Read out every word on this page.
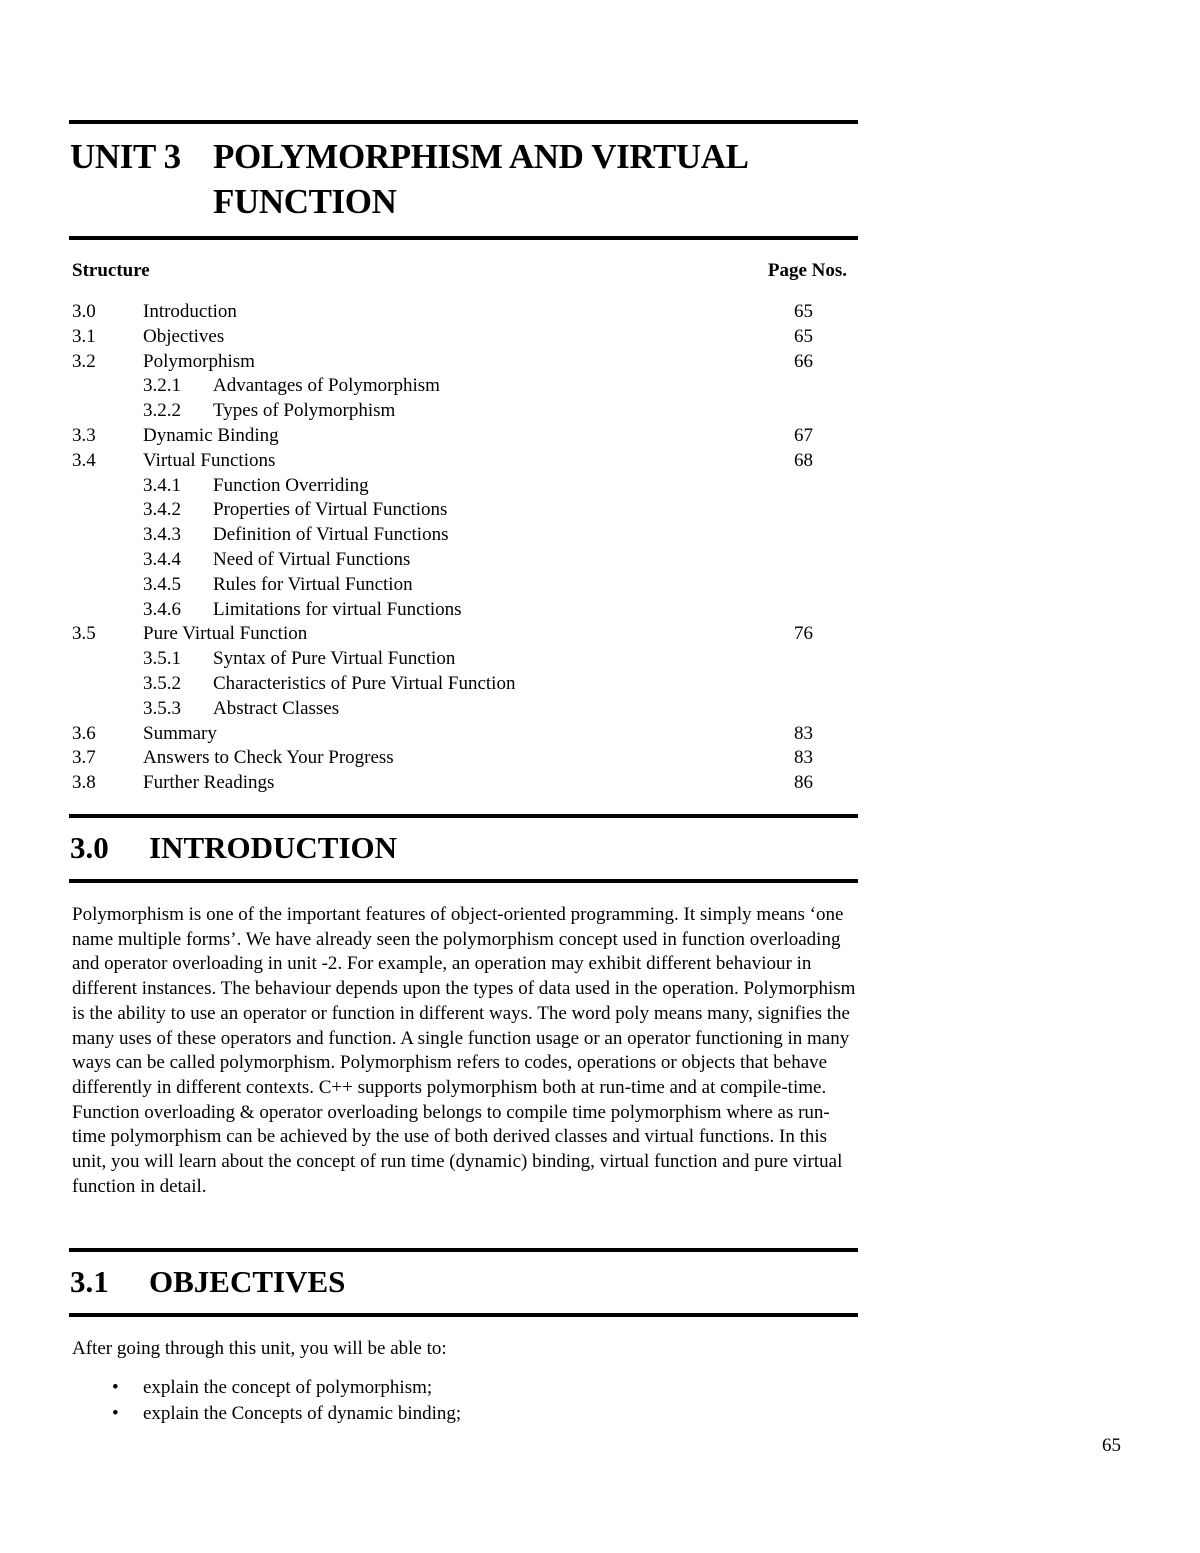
UNIT 3 POLYMORPHISM AND VIRTUAL
FUNCTION
Structure	Page Nos.
3.0 Introduction	65
3.1 Objectives	65
3.2 Polymorphism	66
3.2.1 Advantages of Polymorphism
3.2.2 Types of Polymorphism
3.3 Dynamic Binding	67
3.4 Virtual Functions	68
3.4.1 Function Overriding
3.4.2 Properties of Virtual Functions
3.4.3 Definition of Virtual Functions
3.4.4 Need of Virtual Functions
3.4.5 Rules for Virtual Function
3.4.6 Limitations for virtual Functions
3.5 Pure Virtual Function	76
3.5.1 Syntax of Pure Virtual Function
3.5.2 Characteristics of Pure Virtual Function
3.5.3 Abstract Classes
3.6 Summary	83
3.7 Answers to Check Your Progress	83
3.8 Further Readings	86
3.0 INTRODUCTION
Polymorphism is one of the important features of object-oriented programming. It simply means ‘one name multiple forms’. We have already seen the polymorphism concept used in function overloading and operator overloading in unit -2. For example, an operation may exhibit different behaviour in different instances. The behaviour depends upon the types of data used in the operation. Polymorphism is the ability to use an operator or function in different ways. The word poly means many, signifies the many uses of these operators and function. A single function usage or an operator functioning in many ways can be called polymorphism. Polymorphism refers to codes, operations or objects that behave differently in different contexts. C++ supports polymorphism both at run-time and at compile-time. Function overloading & operator overloading belongs to compile time polymorphism where as run-time polymorphism can be achieved by the use of both derived classes and virtual functions. In this unit, you will learn about the concept of run time (dynamic) binding, virtual function and pure virtual function in detail.
3.1 OBJECTIVES
After going through this unit, you will be able to:
• explain the concept of polymorphism;
• explain the Concepts of dynamic binding;
65
